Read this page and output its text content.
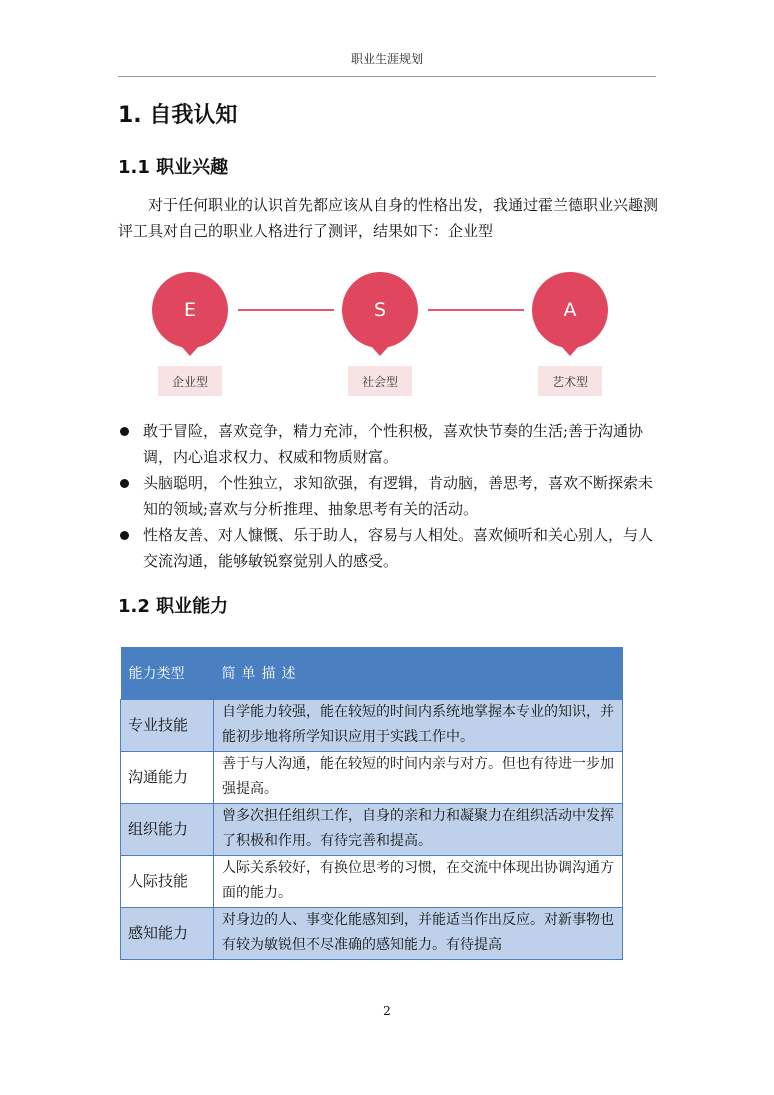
职业生涯规划
1. 自我认知
1.1 职业兴趣

对于任何职业的认识首先都应该从自身的性格出发，我通过霍兰德职业兴趣测评工具对自己的职业人格进行了测评，结果如下：企业型

E
企业型
S
社会型
A
艺术型
敢于冒险，喜欢竞争，精力充沛，个性积极，喜欢快节奏的生活;善于沟通协调，内心追求权力、权威和物质财富。
头脑聪明，个性独立，求知欲强，有逻辑，肯动脑，善思考，喜欢不断探索未知的领域;喜欢与分析推理、抽象思考有关的活动。
性格友善、对人慷慨、乐于助人，容易与人相处。喜欢倾听和关心别人，与人交流沟通，能够敏锐察觉别人的感受。
1.2 职业能力
能力类型	简单描述
专业技能	自学能力较强，能在较短的时间内系统地掌握本专业的知识，并能初步地将所学知识应用于实践工作中。
沟通能力	善于与人沟通，能在较短的时间内亲与对方。但也有待进一步加强提高。
组织能力	曾多次担任组织工作，自身的亲和力和凝聚力在组织活动中发挥了积极和作用。有待完善和提高。
人际技能	人际关系较好，有换位思考的习惯，在交流中体现出协调沟通方面的能力。
感知能力	对身边的人、事变化能感知到，并能适当作出反应。对新事物也有较为敏锐但不尽准确的感知能力。有待提高
2
